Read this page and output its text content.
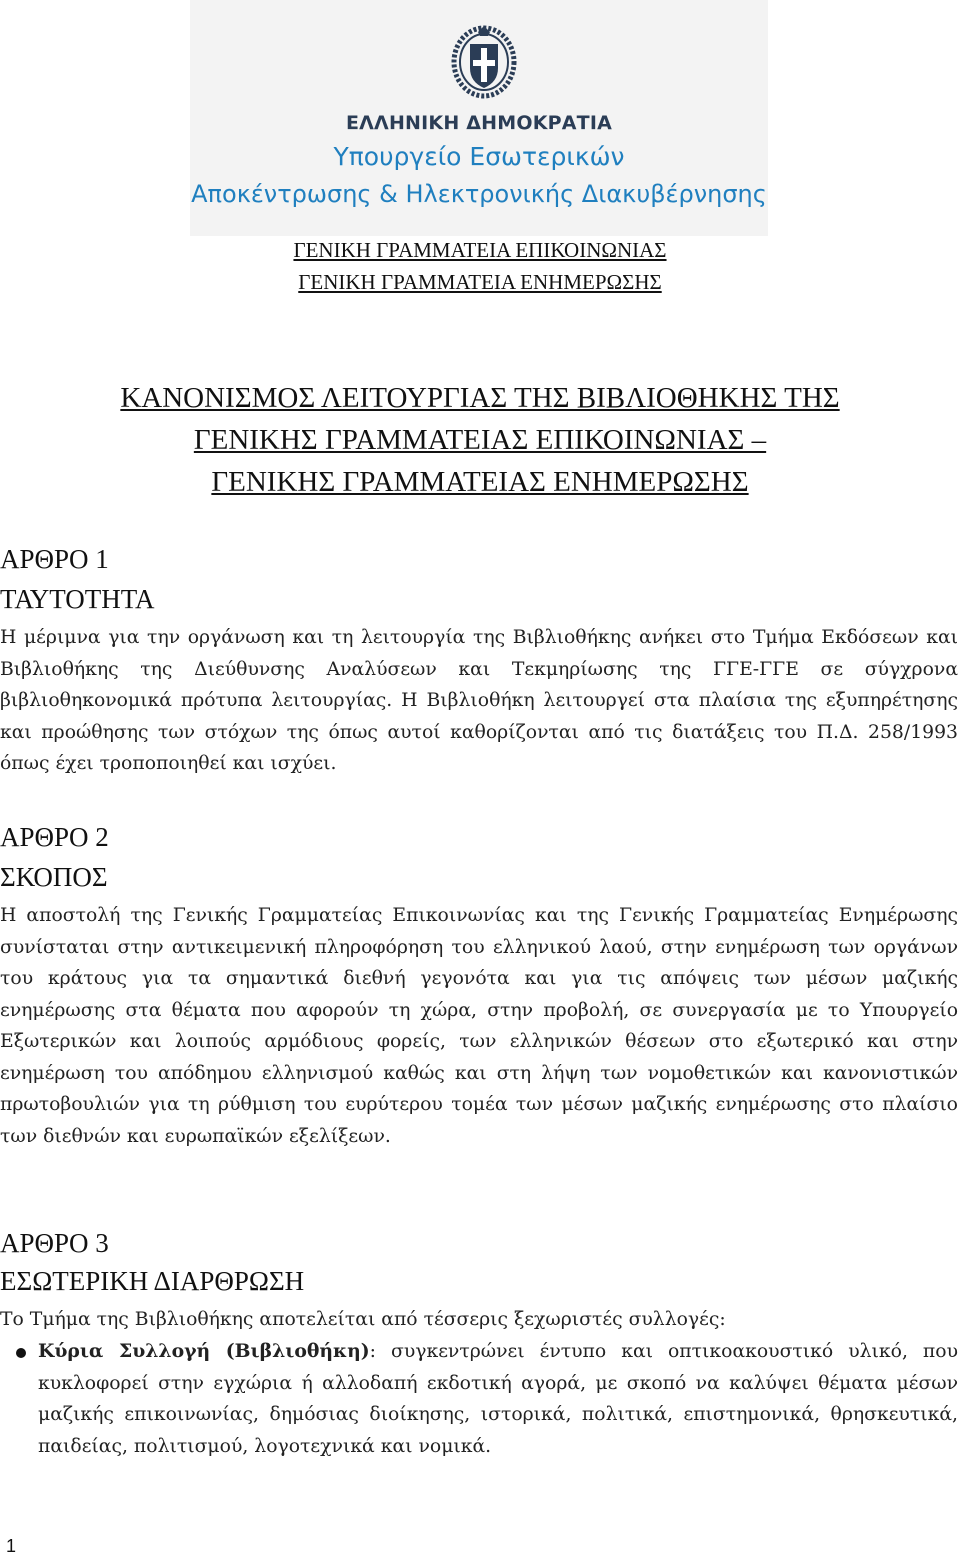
ΕΛΛΗΝΙΚΗ ΔΗΜΟΚΡΑΤΙΑ
Υπουργείο Εσωτερικών
Αποκέντρωσης & Ηλεκτρονικής Διακυβέρνησης
ΓΕΝΙΚΗ ΓΡΑΜΜΑΤΕΙΑ ΕΠΙΚΟΙΝΩΝΙΑΣ
ΓΕΝΙΚΗ ΓΡΑΜΜΑΤΕΙΑ ΕΝΗΜΕΡΩΣΗΣ
ΚΑΝΟΝΙΣΜΟΣ ΛΕΙΤΟΥΡΓΙΑΣ ΤΗΣ ΒΙΒΛΙΟΘΗΚΗΣ ΤΗΣ
ΓΕΝΙΚΗΣ ΓΡΑΜΜΑΤΕΙΑΣ ΕΠΙΚΟΙΝΩΝΙΑΣ –
ΓΕΝΙΚΗΣ ΓΡΑΜΜΑΤΕΙΑΣ ΕΝΗΜΕΡΩΣΗΣ
ΑΡΘΡΟ 1
ΤΑΥΤΟΤΗΤΑ

Η μέριμνα για την οργάνωση και τη λειτουργία της Βιβλιοθήκης ανήκει στο Τμήμα Εκδόσεων και Βιβλιοθήκης της Διεύθυνσης Αναλύσεων και Τεκμηρίωσης της ΓΓΕ-ΓΓΕ σε σύγχρονα βιβλιοθηκονομικά πρότυπα λειτουργίας. Η Βιβλιοθήκη λειτουργεί στα πλαίσια της εξυπηρέτησης και προώθησης των στόχων της όπως αυτοί καθορίζονται από τις διατάξεις του Π.Δ. 258/1993 όπως έχει τροποποιηθεί και ισχύει.

ΑΡΘΡΟ 2
ΣΚΟΠΟΣ

Η αποστολή της Γενικής Γραμματείας Επικοινωνίας και της Γενικής Γραμματείας Ενημέρωσης συνίσταται στην αντικειμενική πληροφόρηση του ελληνικού λαού, στην ενημέρωση των οργάνων του κράτους για τα σημαντικά διεθνή γεγονότα και για τις απόψεις των μέσων μαζικής ενημέρωσης στα θέματα που αφορούν τη χώρα, στην προβολή, σε συνεργασία με το Υπουργείο Εξωτερικών και λοιπούς αρμόδιους φορείς, των ελληνικών θέσεων στο εξωτερικό και στην ενημέρωση του απόδημου ελληνισμού καθώς και στη λήψη των νομοθετικών και κανονιστικών πρωτοβουλιών για τη ρύθμιση του ευρύτερου τομέα των μέσων μαζικής ενημέρωσης στο πλαίσιο των διεθνών και ευρωπαϊκών εξελίξεων.

ΑΡΘΡΟ 3
ΕΣΩΤΕΡΙΚΗ ΔΙΑΡΘΡΩΣΗ

Το Τμήμα της Βιβλιοθήκης αποτελείται από τέσσερις ξεχωριστές συλλογές:

Κύρια Συλλογή (Βιβλιοθήκη): συγκεντρώνει έντυπο και οπτικοακουστικό υλικό, που κυκλοφορεί στην εγχώρια ή αλλοδαπή εκδοτική αγορά, με σκοπό να καλύψει θέματα μέσων μαζικής επικοινωνίας, δημόσιας διοίκησης, ιστορικά, πολιτικά, επιστημονικά, θρησκευτικά, παιδείας, πολιτισμού, λογοτεχνικά και νομικά.
1
